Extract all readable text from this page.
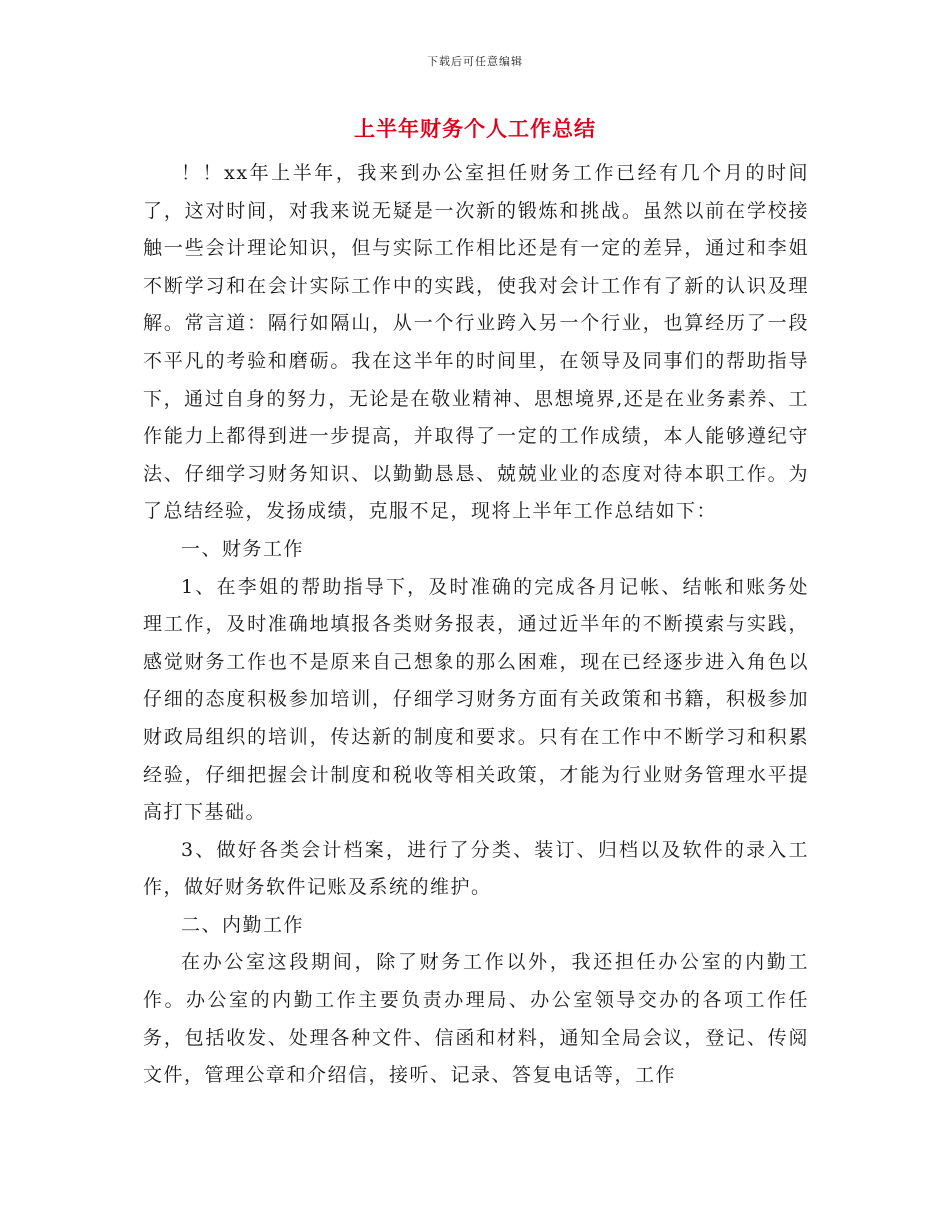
下载后可任意编辑
上半年财务个人工作总结

！！xx年上半年，我来到办公室担任财务工作已经有几个月的时间了，这对时间，对我来说无疑是一次新的锻炼和挑战。虽然以前在学校接触一些会计理论知识，但与实际工作相比还是有一定的差异，通过和李姐不断学习和在会计实际工作中的实践，使我对会计工作有了新的认识及理解。常言道：隔行如隔山，从一个行业跨入另一个行业，也算经历了一段不平凡的考验和磨砺。我在这半年的时间里，在领导及同事们的帮助指导下，通过自身的努力，无论是在敬业精神、思想境界,还是在业务素养、工作能力上都得到进一步提高，并取得了一定的工作成绩，本人能够遵纪守法、仔细学习财务知识、以勤勤恳恳、兢兢业业的态度对待本职工作。为了总结经验，发扬成绩，克服不足，现将上半年工作总结如下：

一、财务工作

1、在李姐的帮助指导下，及时准确的完成各月记帐、结帐和账务处理工作，及时准确地填报各类财务报表，通过近半年的不断摸索与实践，感觉财务工作也不是原来自己想象的那么困难，现在已经逐步进入角色以仔细的态度积极参加培训，仔细学习财务方面有关政策和书籍，积极参加财政局组织的培训，传达新的制度和要求。只有在工作中不断学习和积累经验，仔细把握会计制度和税收等相关政策，才能为行业财务管理水平提高打下基础。

3、做好各类会计档案，进行了分类、装订、归档以及软件的录入工作，做好财务软件记账及系统的维护。

二、内勤工作

在办公室这段期间，除了财务工作以外，我还担任办公室的内勤工作。办公室的内勤工作主要负责办理局、办公室领导交办的各项工作任务，包括收发、处理各种文件、信函和材料，通知全局会议，登记、传阅文件，管理公章和介绍信，接听、记录、答复电话等，工作
